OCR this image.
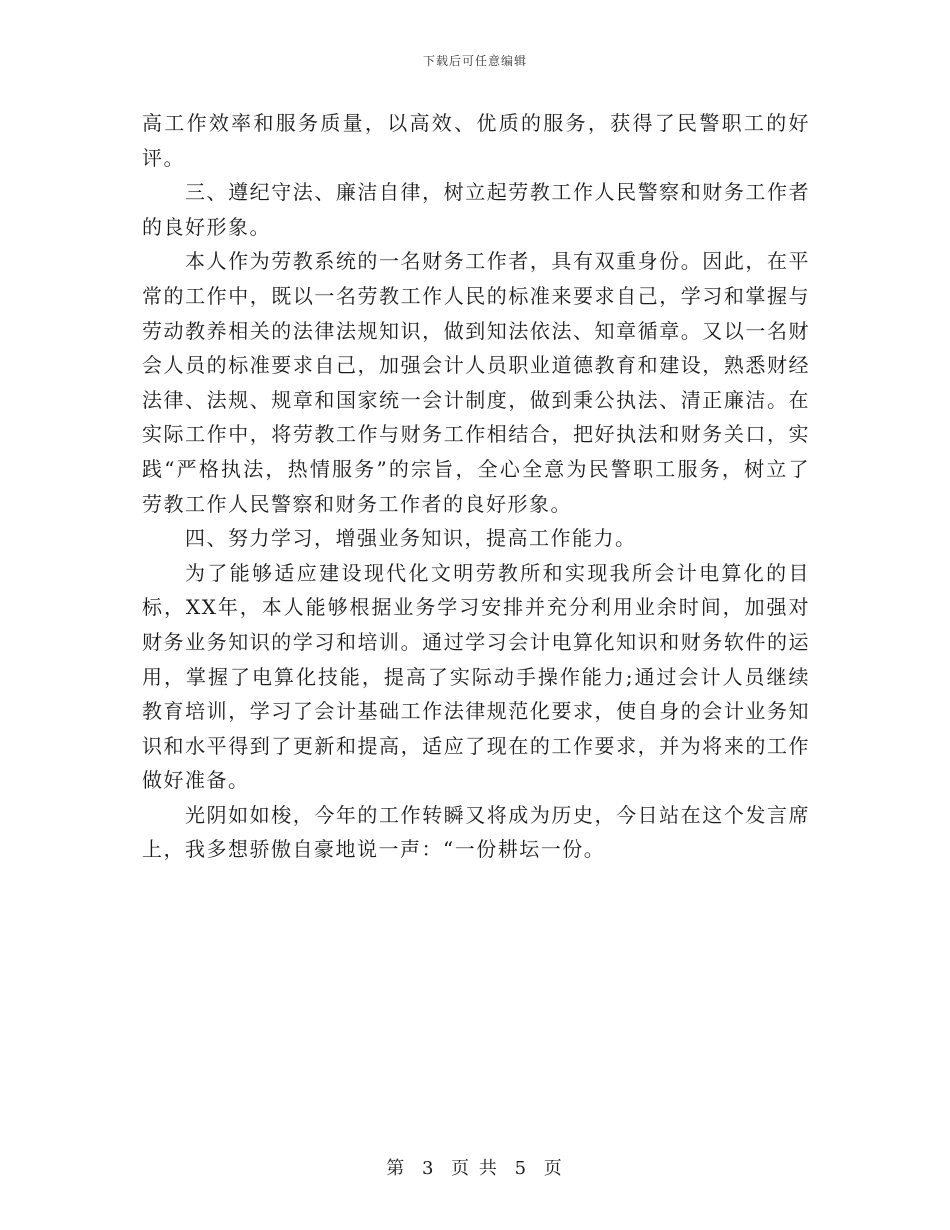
下载后可任意编辑

高工作效率和服务质量，以高效、优质的服务，获得了民警职工的好评。

三、遵纪守法、廉洁自律，树立起劳教工作人民警察和财务工作者的良好形象。

本人作为劳教系统的一名财务工作者，具有双重身份。因此，在平常的工作中，既以一名劳教工作人民的标准来要求自己，学习和掌握与劳动教养相关的法律法规知识，做到知法依法、知章循章。又以一名财会人员的标准要求自己，加强会计人员职业道德教育和建设，熟悉财经法律、法规、规章和国家统一会计制度，做到秉公执法、清正廉洁。在实际工作中，将劳教工作与财务工作相结合，把好执法和财务关口，实践“严格执法，热情服务”的宗旨，全心全意为民警职工服务，树立了劳教工作人民警察和财务工作者的良好形象。

四、努力学习，增强业务知识，提高工作能力。

为了能够适应建设现代化文明劳教所和实现我所会计电算化的目标，XX年，本人能够根据业务学习安排并充分利用业余时间，加强对财务业务知识的学习和培训。通过学习会计电算化知识和财务软件的运用，掌握了电算化技能，提高了实际动手操作能力;通过会计人员继续教育培训，学习了会计基础工作法律规范化要求，使自身的会计业务知识和水平得到了更新和提高，适应了现在的工作要求，并为将来的工作做好准备。

光阴如如梭，今年的工作转瞬又将成为历史，今日站在这个发言席上，我多想骄傲自豪地说一声：“一份耕坛一份。

第 3 页 共 5 页
